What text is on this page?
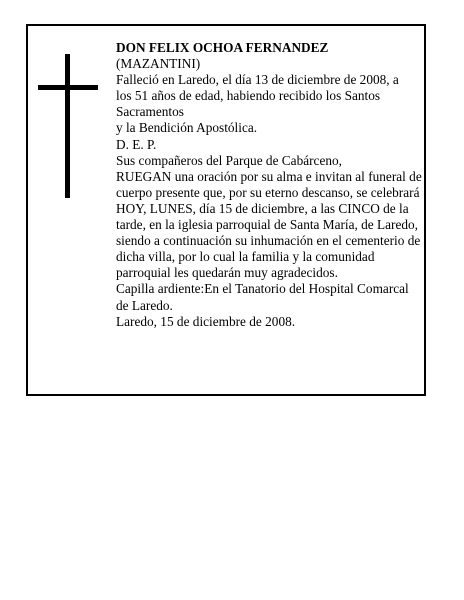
DON FELIX OCHOA FERNANDEZ

(MAZANTINI)

Falleció en Laredo, el día 13 de diciembre de 2008, a

los 51 años de edad, habiendo recibido los Santos

Sacramentos

y la Bendición Apostólica.

D. E. P.

Sus compañeros del Parque de Cabárceno,

RUEGAN una oración por su alma e invitan al funeral de cuerpo presente que, por su eterno descanso, se celebrará HOY, LUNES, día 15 de diciembre, a las CINCO de la tarde, en la iglesia parroquial de Santa María, de Laredo, siendo a continuación su inhumación en el cementerio de dicha villa, por lo cual la familia y la comunidad parroquial les quedarán muy agradecidos.

Capilla ardiente:En el Tanatorio del Hospital Comarcal de Laredo.

Laredo, 15 de diciembre de 2008.
